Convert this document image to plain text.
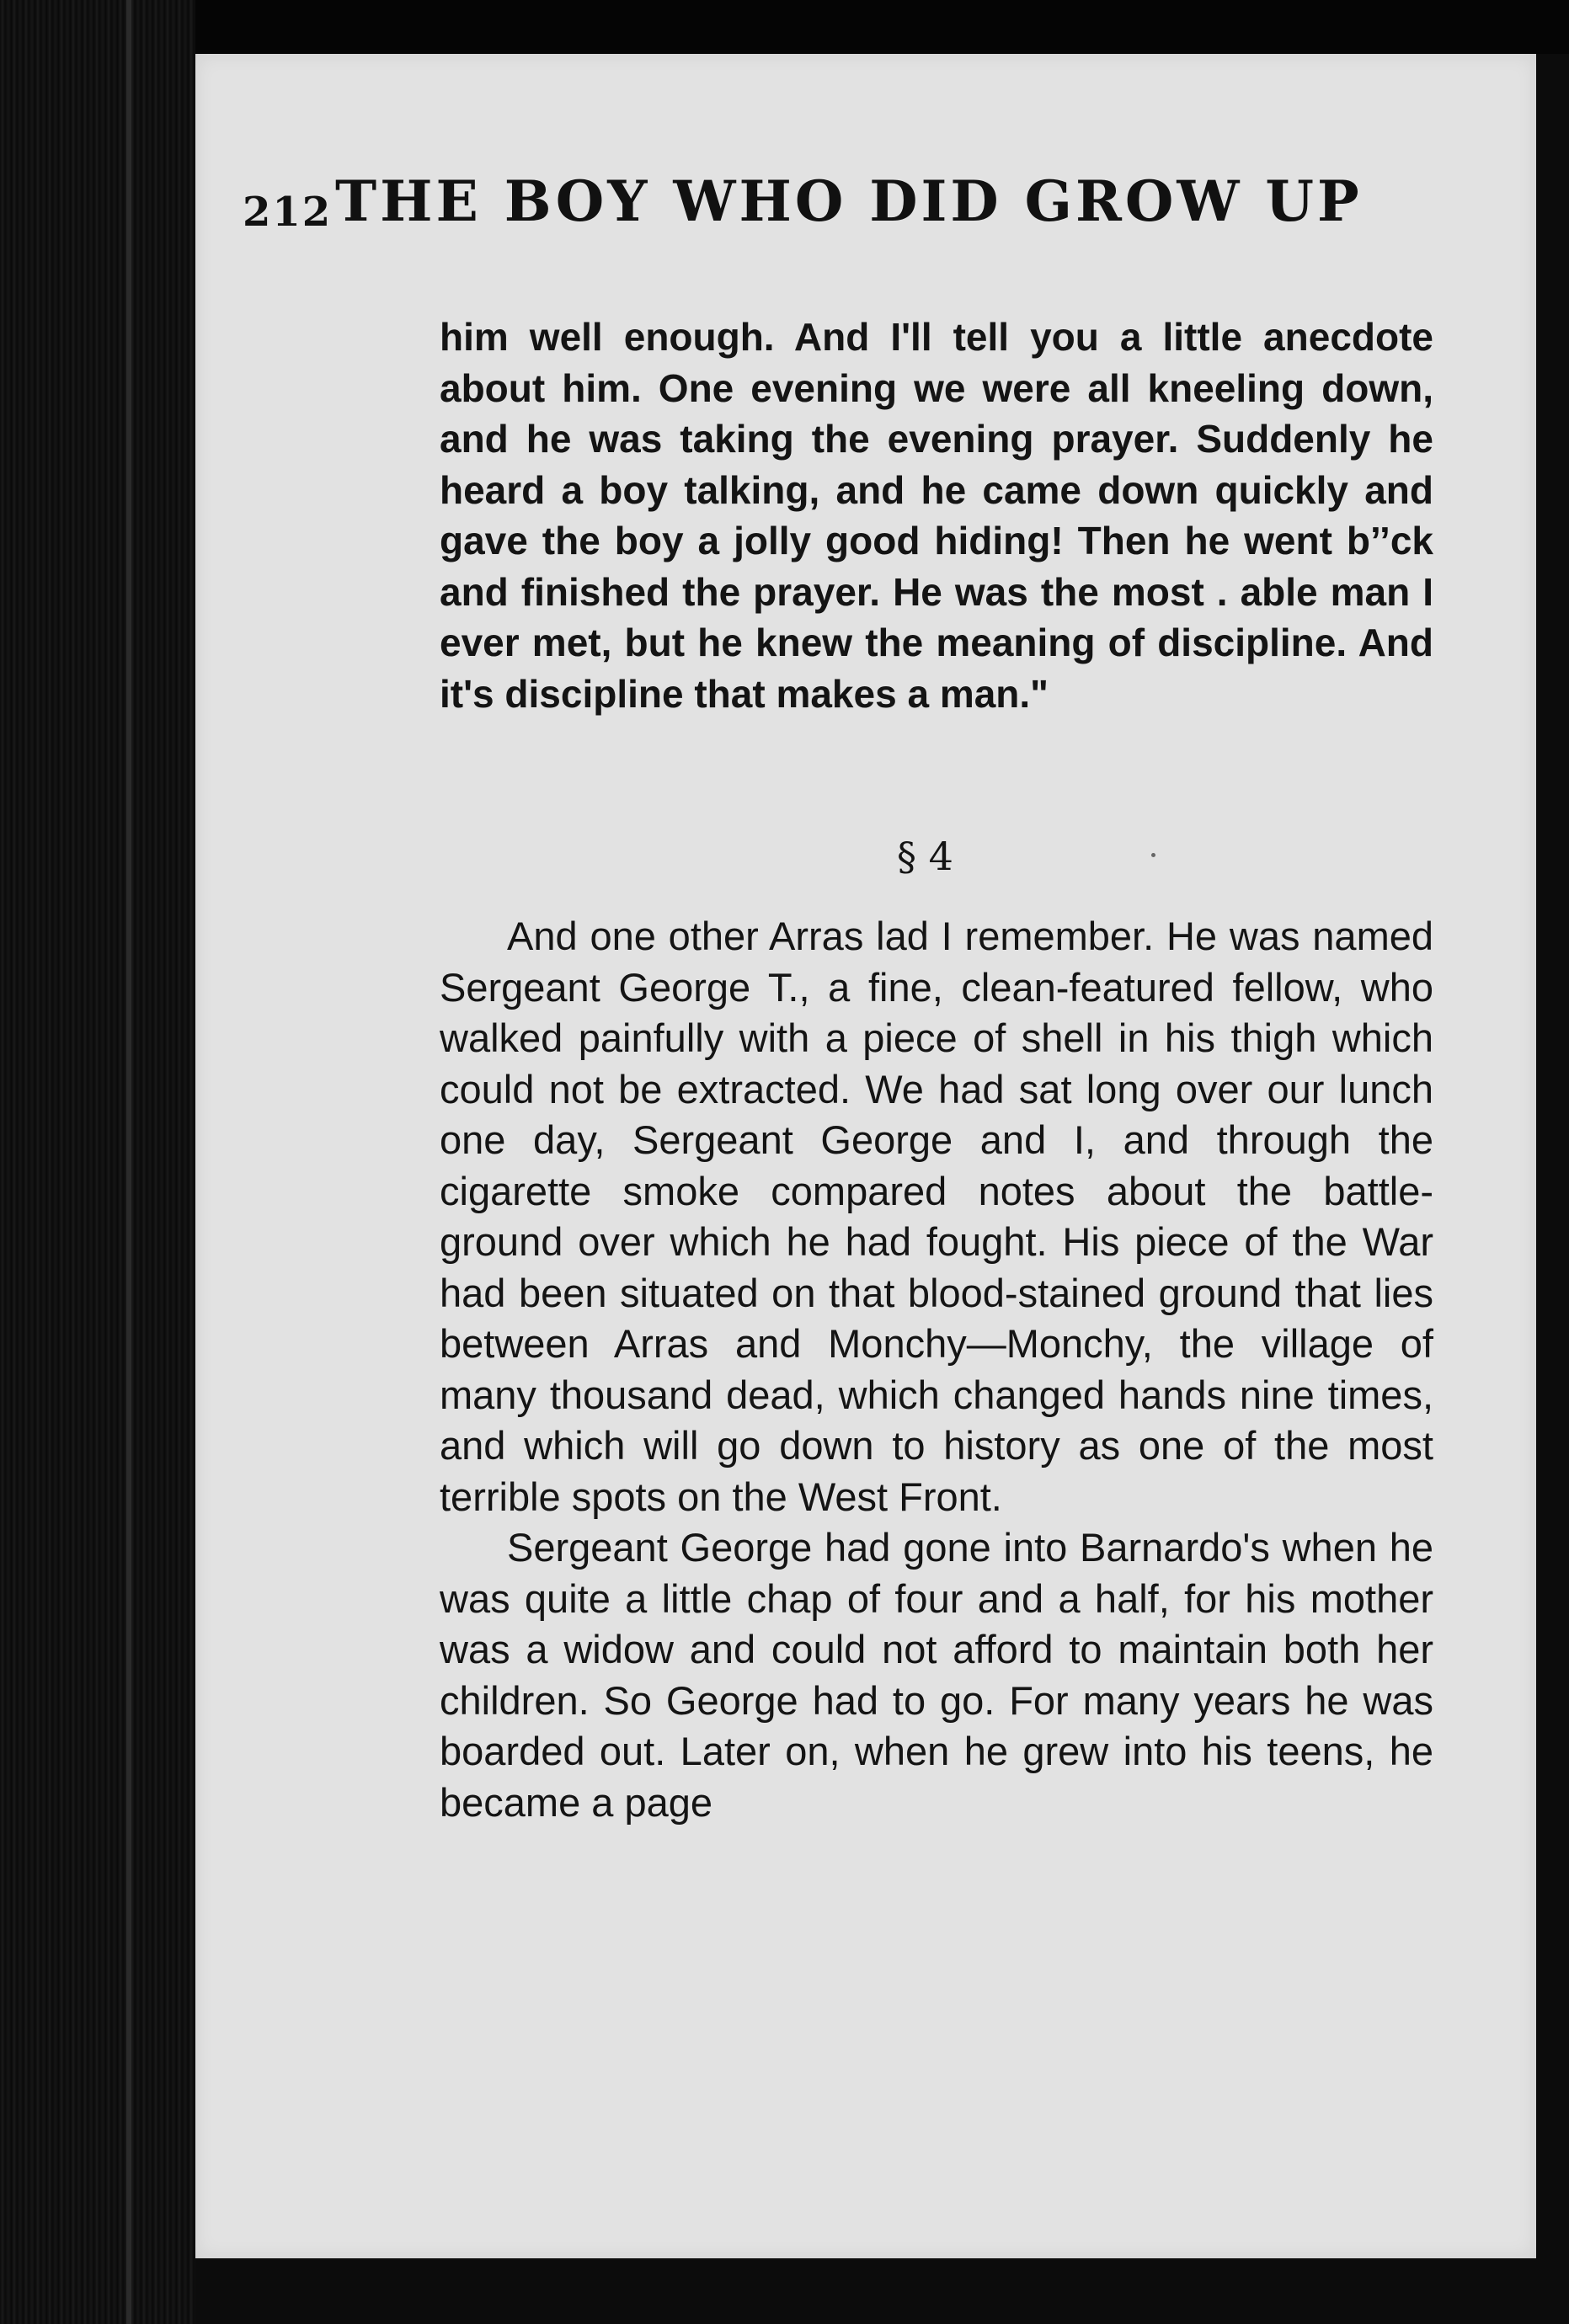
212 THE BOY WHO DID GROW UP
him well enough. And I'll tell you a little anecdote about him. One evening we were all kneeling down, and he was taking the evening prayer. Suddenly he heard a boy talking, and he came down quickly and gave the boy a jolly good hiding! Then he went b’’ck and finished the prayer. He was the most . able man I ever met, but he knew the meaning of discipline. And it's discipline that makes a man."
§ 4

And one other Arras lad I remember. He was named Sergeant George T., a fine, clean-featured fellow, who walked painfully with a piece of shell in his thigh which could not be extracted. We had sat long over our lunch one day, Sergeant George and I, and through the cigarette smoke compared notes about the battle-ground over which he had fought. His piece of the War had been situated on that blood-stained ground that lies between Arras and Monchy—Monchy, the village of many thousand dead, which changed hands nine times, and which will go down to history as one of the most terrible spots on the West Front.

Sergeant George had gone into Barnardo's when he was quite a little chap of four and a half, for his mother was a widow and could not afford to maintain both her children. So George had to go. For many years he was boarded out. Later on, when he grew into his teens, he became a page
